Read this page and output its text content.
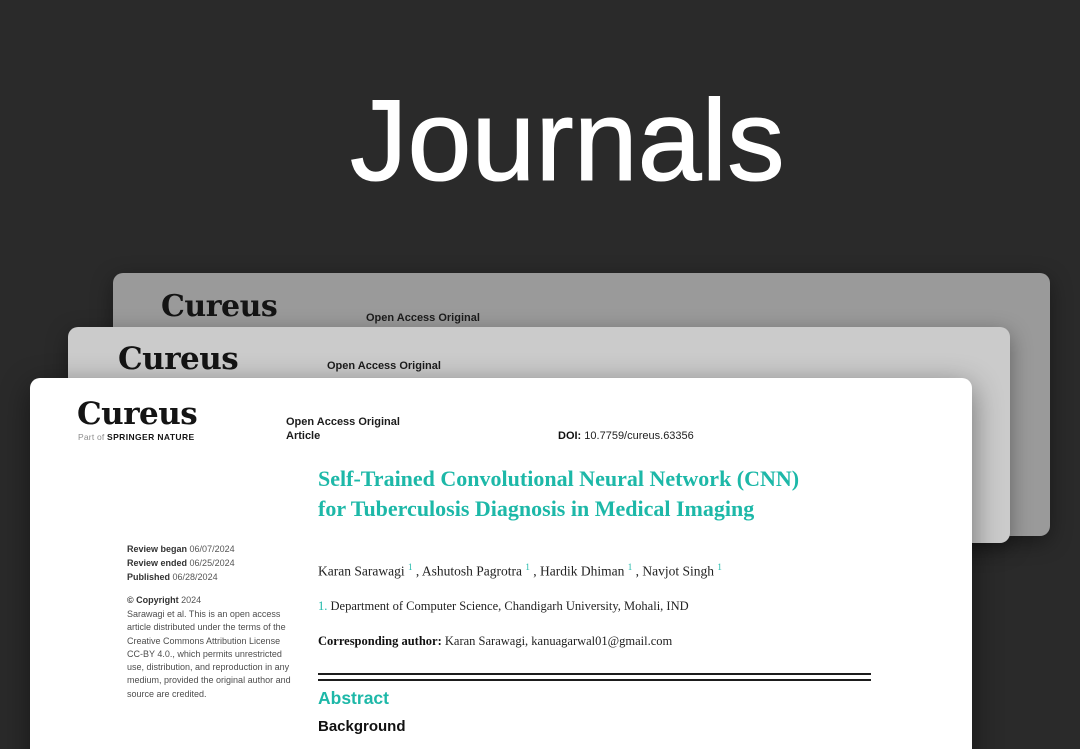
Journals
Cureus	Open Access Original
Cureus	Open Access Original
Cureus
Part of SPRINGER NATURE
Open Access Original Article	DOI: 10.7759/cureus.63356
Self-Trained Convolutional Neural Network (CNN) for Tuberculosis Diagnosis in Medical Imaging
Karan Sarawagi $^1$ , Ashutosh Pagrotra $^1$ , Hardik Dhiman $^1$ , Navjot Singh $^1$
1. Department of Computer Science, Chandigarh University, Mohali, IND
Corresponding author: Karan Sarawagi, kanuagarwal01@gmail.com
Review began 06/07/2024
Review ended 06/25/2024
Published 06/28/2024
© Copyright 2024
Sarawagi et al. This is an open access article distributed under the terms of the Creative Commons Attribution License CC-BY 4.0., which permits unrestricted use, distribution, and reproduction in any medium, provided the original author and source are credited.	Abstract
Background
